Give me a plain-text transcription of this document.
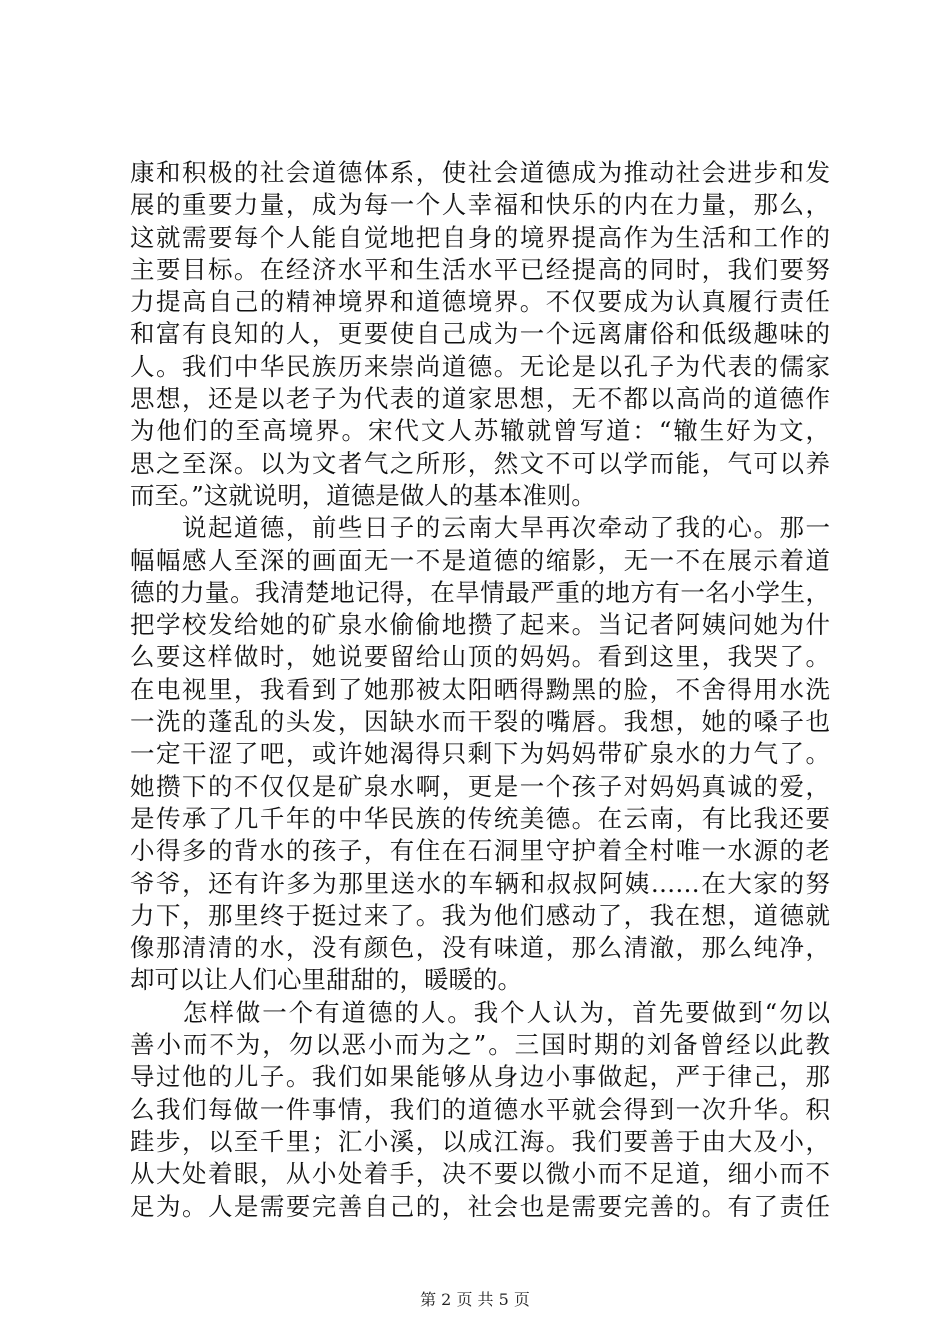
康和积极的社会道德体系，使社会道德成为推动社会进步和发
展的重要力量，成为每一个人幸福和快乐的内在力量，那么，
这就需要每个人能自觉地把自身的境界提高作为生活和工作的
主要目标。在经济水平和生活水平已经提高的同时，我们要努
力提高自己的精神境界和道德境界。不仅要成为认真履行责任
和富有良知的人，更要使自己成为一个远离庸俗和低级趣味的
人。我们中华民族历来崇尚道德。无论是以孔子为代表的儒家
思想，还是以老子为代表的道家思想，无不都以高尚的道德作
为他们的至高境界。宋代文人苏辙就曾写道：“辙生好为文，
思之至深。以为文者气之所形，然文不可以学而能，气可以养
而至。”这就说明，道德是做人的基本准则。
　　说起道德，前些日子的云南大旱再次牵动了我的心。那一
幅幅感人至深的画面无一不是道德的缩影，无一不在展示着道
德的力量。我清楚地记得，在旱情最严重的地方有一名小学生，
把学校发给她的矿泉水偷偷地攒了起来。当记者阿姨问她为什
么要这样做时，她说要留给山顶的妈妈。看到这里，我哭了。
在电视里，我看到了她那被太阳晒得黝黑的脸，不舍得用水洗
一洗的蓬乱的头发，因缺水而干裂的嘴唇。我想，她的嗓子也
一定干涩了吧，或许她渴得只剩下为妈妈带矿泉水的力气了。
她攒下的不仅仅是矿泉水啊，更是一个孩子对妈妈真诚的爱，
是传承了几千年的中华民族的传统美德。在云南，有比我还要
小得多的背水的孩子，有住在石洞里守护着全村唯一水源的老
爷爷，还有许多为那里送水的车辆和叔叔阿姨……在大家的努
力下，那里终于挺过来了。我为他们感动了，我在想，道德就
像那清清的水，没有颜色，没有味道，那么清澈，那么纯净，
却可以让人们心里甜甜的，暖暖的。
　　怎样做一个有道德的人。我个人认为，首先要做到“勿以
善小而不为，勿以恶小而为之”。三国时期的刘备曾经以此教
导过他的儿子。我们如果能够从身边小事做起，严于律己，那
么我们每做一件事情，我们的道德水平就会得到一次升华。积
跬步，以至千里；汇小溪，以成江海。我们要善于由大及小，
从大处着眼，从小处着手，决不要以微小而不足道，细小而不
足为。人是需要完善自己的，社会也是需要完善的。有了责任
第 2 页 共 5 页
